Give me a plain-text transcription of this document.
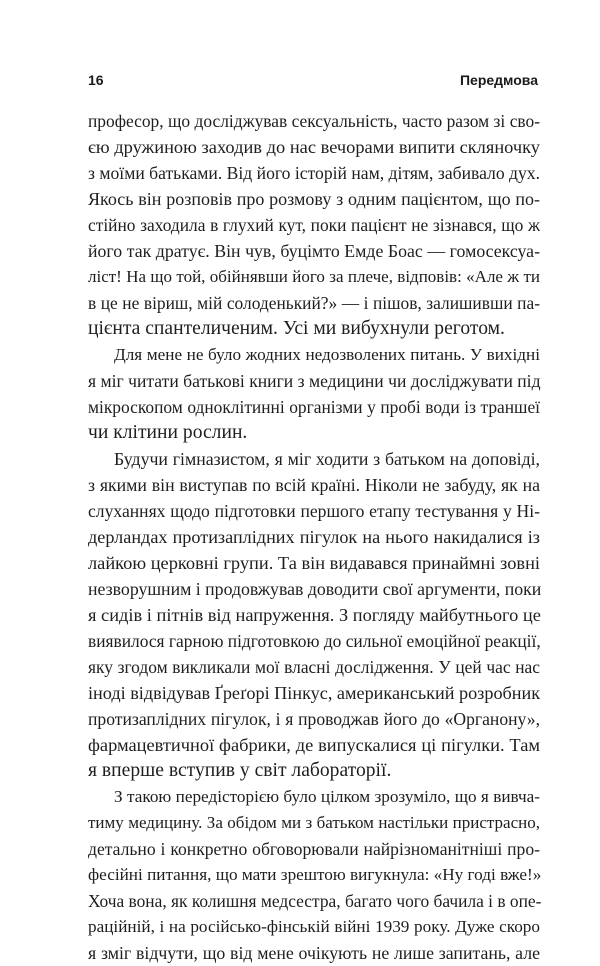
16	Передмова
професор, що досліджував сексуальність, часто разом зі сво-
єю дружиною заходив до нас вечорами випити скляночку
з моїми батьками. Від його історій нам, дітям, забивало дух.
Якось він розповів про розмову з одним пацієнтом, що по-
стійно заходила в глухий кут, поки пацієнт не зізнався, що ж
його так дратує. Він чув, буцімто Емде Боас — гомосексуа-
ліст! На що той, обійнявши його за плече, відповів: «Але ж ти
в це не віриш, мій солоденький?» — і пішов, залишивши па-
цієнта спантеличеним. Усі ми вибухнули реготом.
Для мене не було жодних недозволених питань. У вихідні
я міг читати батькові книги з медицини чи досліджувати під
мікроскопом одноклітинні організми у пробі води із траншеї
чи клітини рослин.
Будучи гімназистом, я міг ходити з батьком на доповіді,
з якими він виступав по всій країні. Ніколи не забуду, як на
слуханнях щодо підготовки першого етапу тестування у Ні-
дерландах протизаплідних пігулок на нього накидалися із
лайкою церковні групи. Та він видавався принаймні зовні
незворушним і продовжував доводити свої аргументи, поки
я сидів і пітнів від напруження. З погляду майбутнього це
виявилося гарною підготовкою до сильної емоційної реакції,
яку згодом викликали мої власні дослідження. У цей час нас
іноді відвідував Ґреґорі Пінкус, американський розробник
протизаплідних пігулок, і я проводжав його до «Органону»,
фармацевтичної фабрики, де випускалися ці пігулки. Там
я вперше вступив у світ лабораторії.
З такою передісторією було цілком зрозуміло, що я вивча-
тиму медицину. За обідом ми з батьком настільки пристрасно,
детально і конкретно обговорювали найрізноманітніші про-
фесійні питання, що мати зрештою вигукнула: «Ну годі вже!»
Хоча вона, як колишня медсестра, багато чого бачила і в опе-
раційній, і на російсько-фінській війні 1939 року. Дуже скоро
я зміг відчути, що від мене очікують не лише запитань, але
